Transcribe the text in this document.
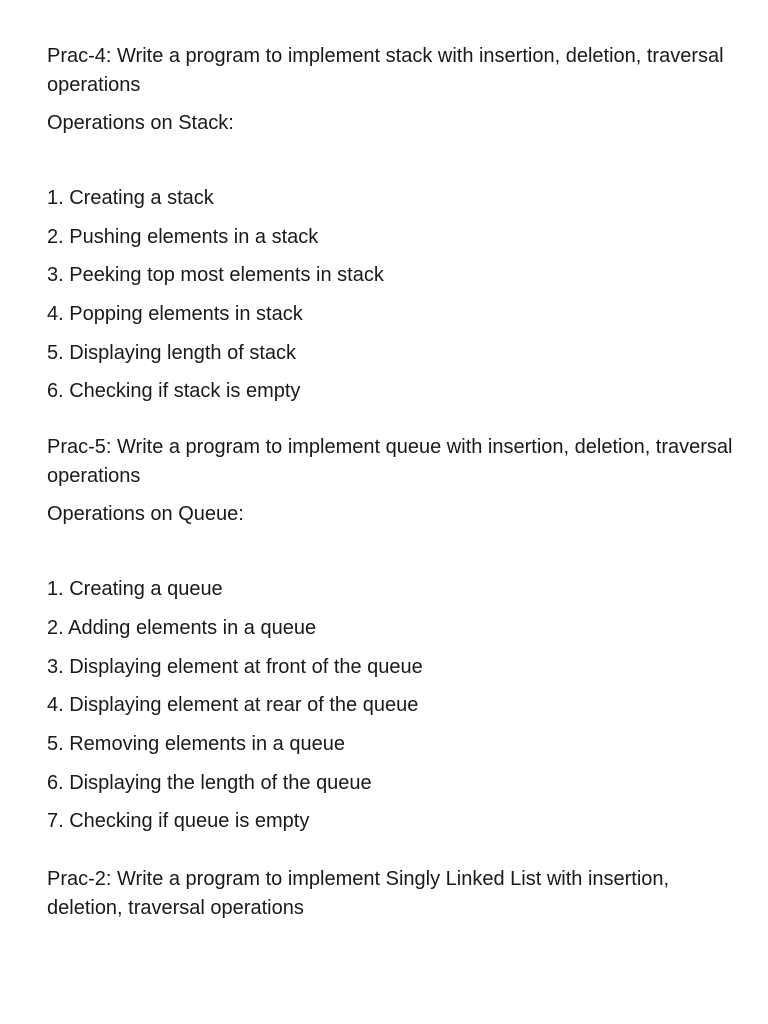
Prac-4: Write a program to implement stack with insertion, deletion, traversal operations

Operations on Stack:

1. Creating a stack
2. Pushing elements in a stack
3. Peeking top most elements in stack
4. Popping elements in stack
5. Displaying length of stack
6. Checking if stack is empty

Prac-5: Write a program to implement queue with insertion, deletion, traversal operations

Operations on Queue:

1. Creating a queue
2. Adding elements in a queue
3. Displaying element at front of the queue
4. Displaying element at rear of the queue
5. Removing elements in a queue
6. Displaying the length of the queue
7. Checking if queue is empty

Prac-2: Write a program to implement Singly Linked List with insertion, deletion, traversal operations
